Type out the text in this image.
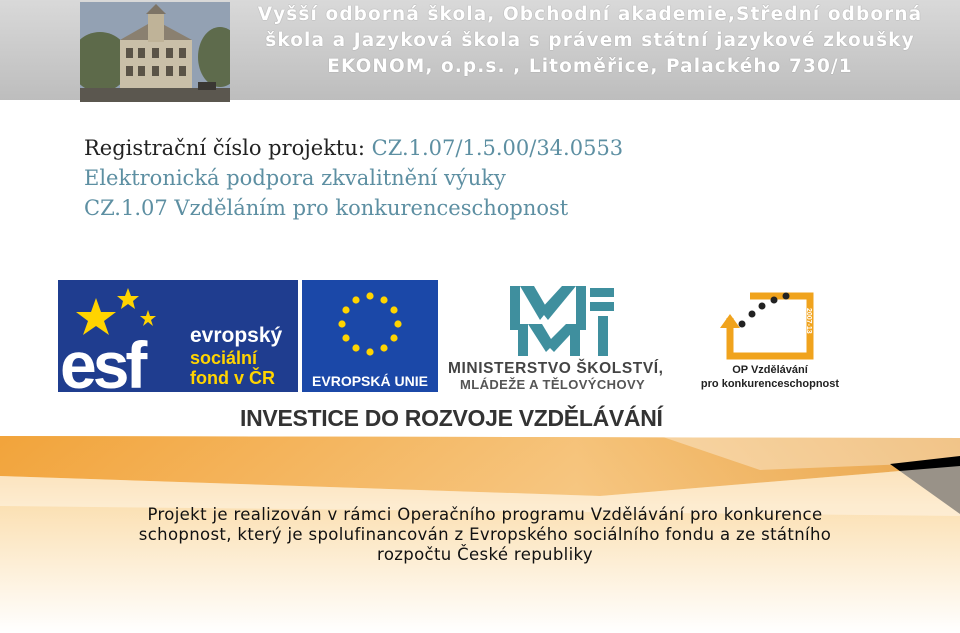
Vyšší odborná škola, Obchodní akademie,Střední odborná
škola a Jazyková škola s právem státní jazykové zkoušky
EKONOM, o.p.s. , Litoměřice, Palackého 730/1
Registrační číslo projektu: CZ.1.07/1.5.00/34.0553
Elektronická podpora zkvalitnění výuky
CZ.1.07 Vzděláním pro konkurenceschopnost
esf evropský
sociální
fond v ČR	EVROPSKÁ UNIE
MINISTERSTVO ŠKOLSTVÍ,
MLÁDEŽE A TĚLOVÝCHOVY
2007-13
OP Vzdělávání
pro konkurenceschopnost
INVESTICE DO ROZVOJE VZDĚLÁVÁNÍ
Projekt je realizován v rámci Operačního programu Vzdělávání pro konkurence
schopnost, který je spolufinancován z Evropského sociálního fondu a ze státního
rozpočtu České republiky
